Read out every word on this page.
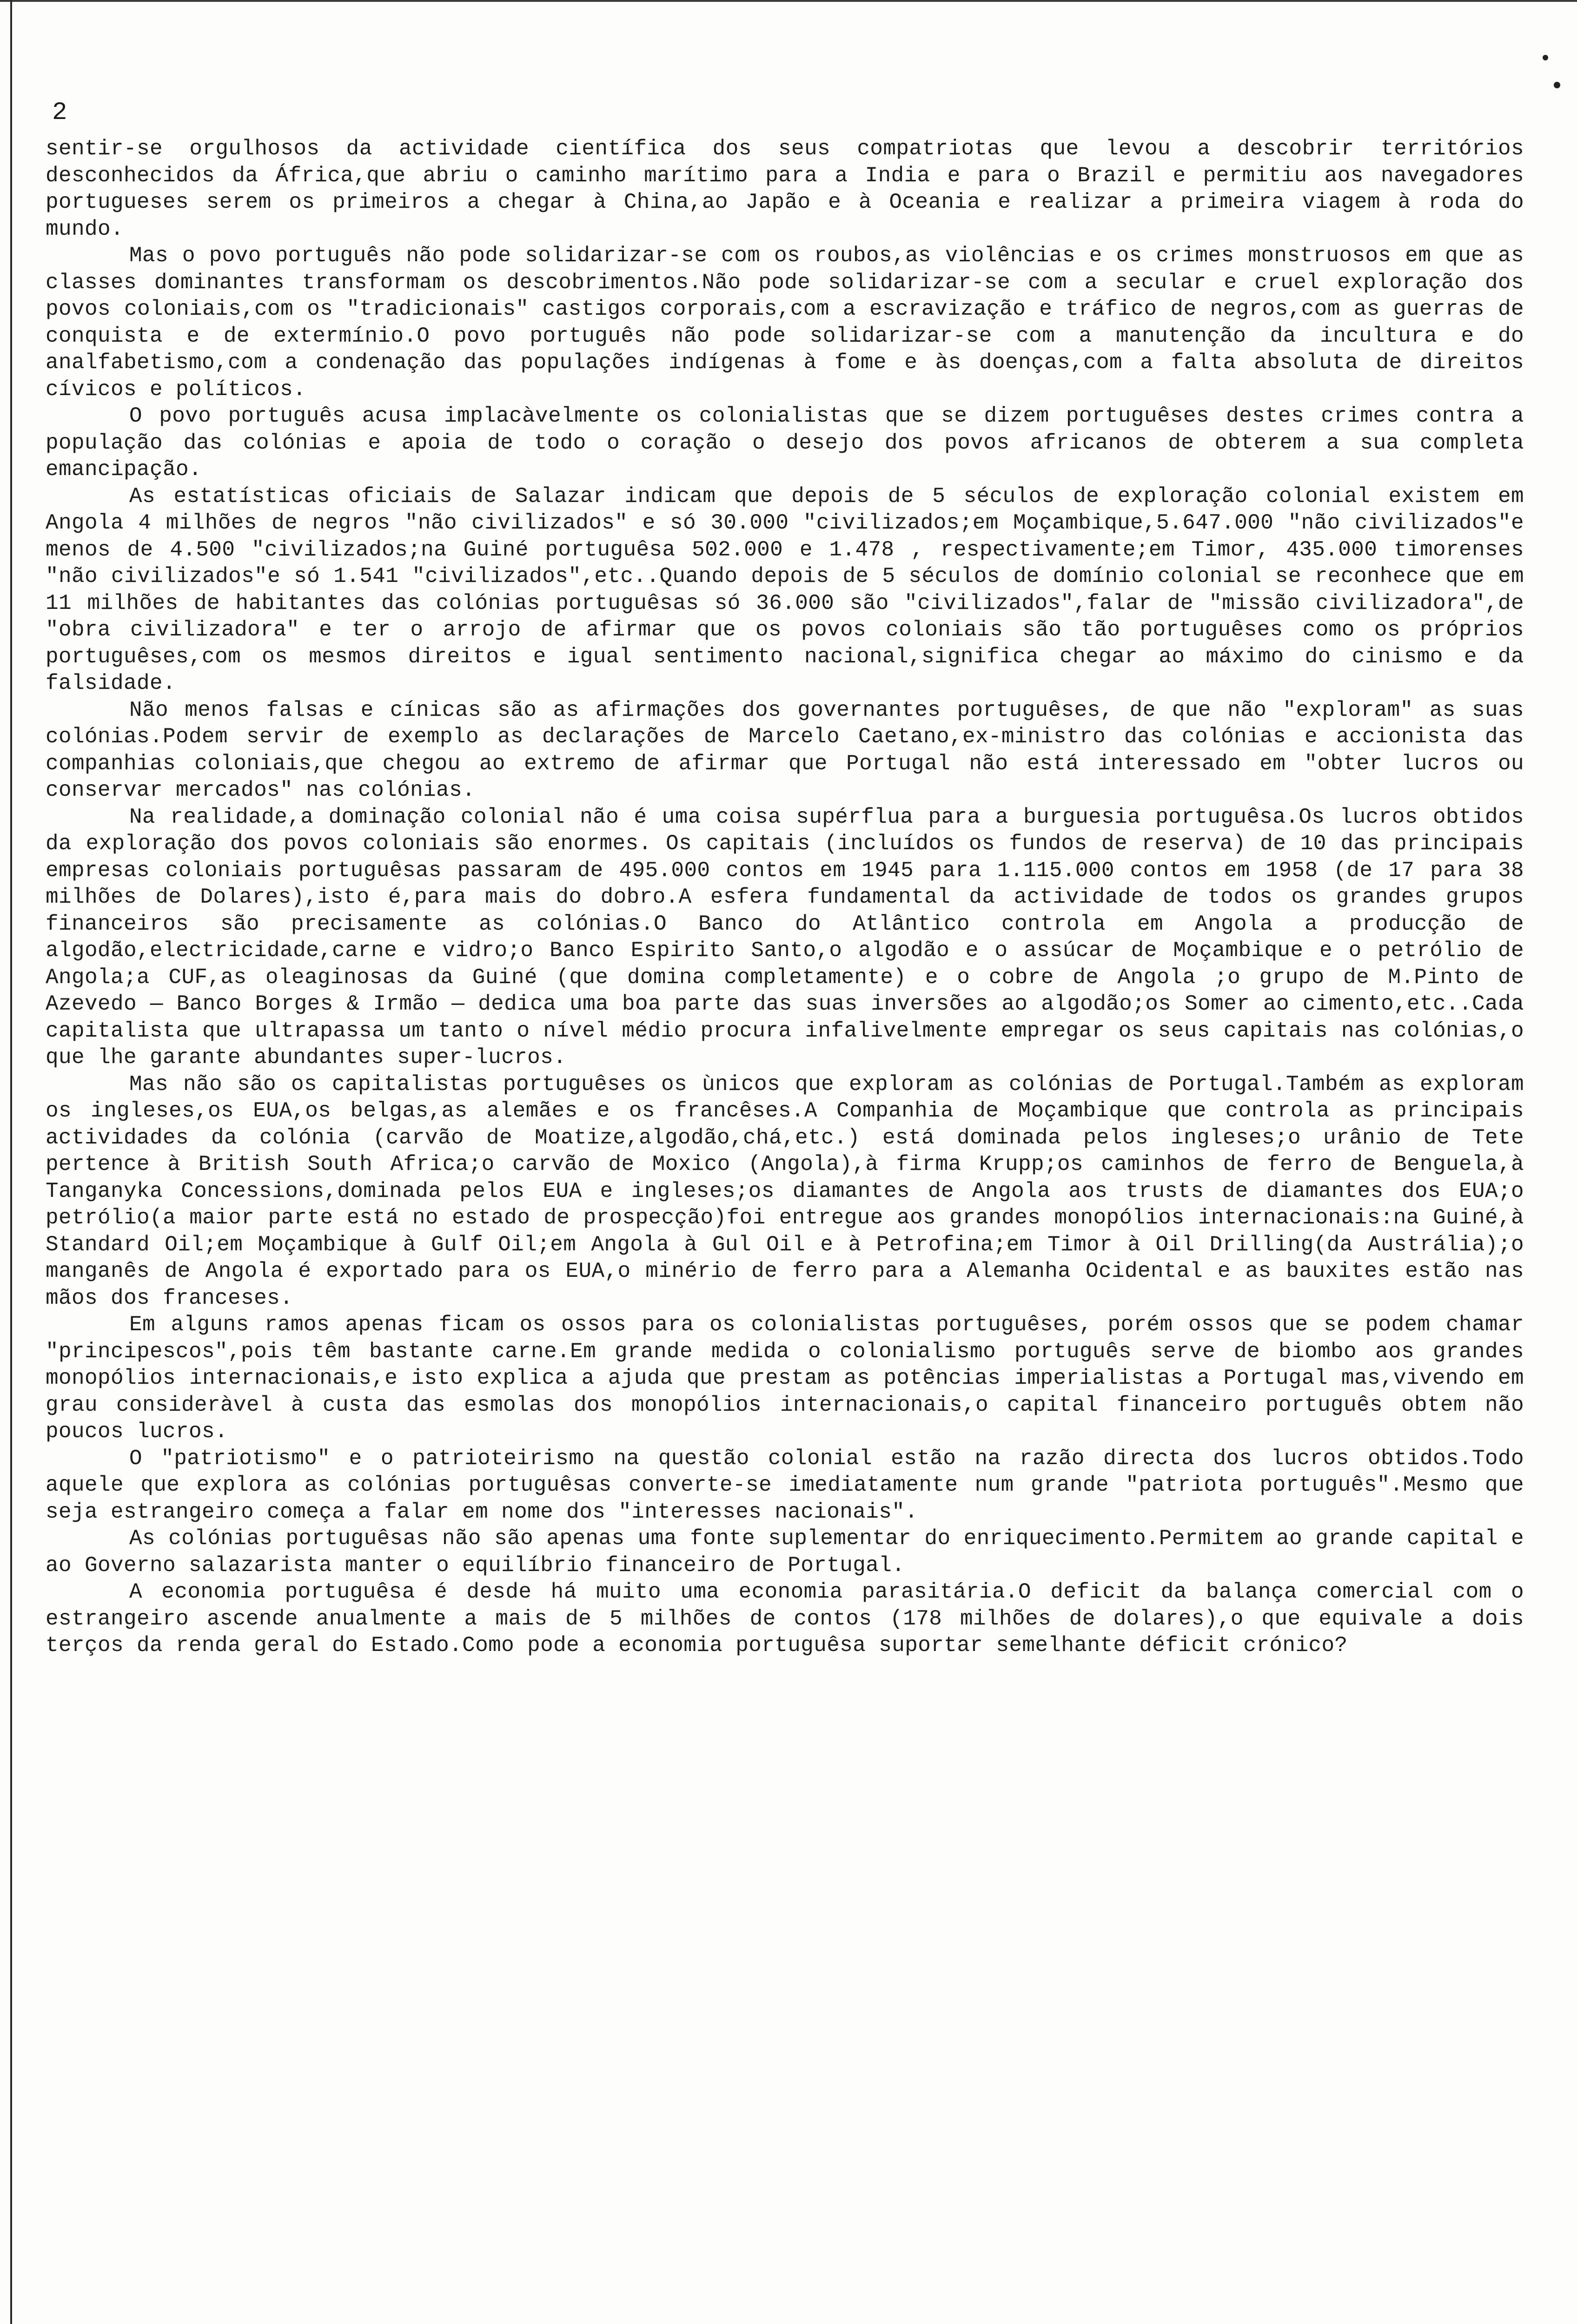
2

sentir-se orgulhosos da actividade científica dos seus compatriotas que levou a descobrir territórios desconhecidos da África,que abriu o caminho marítimo para a India e para o Brazil e permitiu aos navegadores portugueses serem os primeiros a chegar à China,ao Japão e à Oceania e realizar a primeira viagem à roda do mundo.

Mas o povo português não pode solidarizar-se com os roubos,as violências e os crimes monstruosos em que as classes dominantes transformam os descobrimentos.Não pode solidarizar-se com a secular e cruel exploração dos povos coloniais,com os "tradicionais" castigos corporais,com a escravização e tráfico de negros,com as guerras de conquista e de extermínio.O povo português não pode solidarizar-se com a manutenção da incultura e do analfabetismo,com a condenação das populações indígenas à fome e às doenças,com a falta absoluta de direitos cívicos e políticos.

O povo português acusa implacàvelmente os colonialistas que se dizem portuguêses destes crimes contra a população das colónias e apoia de todo o coração o desejo dos povos africanos de obterem a sua completa emancipação.

As estatísticas oficiais de Salazar indicam que depois de 5 séculos de exploração colonial existem em Angola 4 milhões de negros "não civilizados" e só 30.000 "civilizados;em Moçambique,5.647.000 "não civilizados"e menos de 4.500 "civilizados;na Guiné portuguêsa 502.000 e 1.478 , respectivamente;em Timor, 435.000 timorenses "não civilizados"e só 1.541 "civilizados",etc..Quando depois de 5 séculos de domínio colonial se reconhece que em 11 milhões de habitantes das colónias portuguêsas só 36.000 são "civilizados",falar de "missão civilizadora",de "obra civilizadora" e ter o arrojo de afirmar que os povos coloniais são tão portuguêses como os próprios portuguêses,com os mesmos direitos e igual sentimento nacional,significa chegar ao máximo do cinismo e da falsidade.

Não menos falsas e cínicas são as afirmações dos governantes portuguêses, de que não "exploram" as suas colónias.Podem servir de exemplo as declarações de Marcelo Caetano,ex-ministro das colónias e accionista das companhias coloniais,que chegou ao extremo de afirmar que Portugal não está interessado em "obter lucros ou conservar mercados" nas colónias.

Na realidade,a dominação colonial não é uma coisa supérflua para a burguesia portuguêsa.Os lucros obtidos da exploração dos povos coloniais são enormes. Os capitais (incluídos os fundos de reserva) de 10 das principais empresas coloniais portuguêsas passaram de 495.000 contos em 1945 para 1.115.000 contos em 1958 (de 17 para 38 milhões de Dolares),isto é,para mais do dobro.A esfera fundamental da actividade de todos os grandes grupos financeiros são precisamente as colónias.O Banco do Atlântico controla em Angola a producção de algodão,electricidade,carne e vidro;o Banco Espirito Santo,o algodão e o assúcar de Moçambique e o petrólio de Angola;a CUF,as oleaginosas da Guiné (que domina completamente) e o cobre de Angola ;o grupo de M.Pinto de Azevedo — Banco Borges & Irmão — dedica uma boa parte das suas inversões ao algodão;os Somer ao cimento,etc..Cada capitalista que ultrapassa um tanto o nível médio procura infalivelmente empregar os seus capitais nas colónias,o que lhe garante abundantes super-lucros.

Mas não são os capitalistas portuguêses os ùnicos que exploram as colónias de Portugal.Também as exploram os ingleses,os EUA,os belgas,as alemães e os francêses.A Companhia de Moçambique que controla as principais actividades da colónia (carvão de Moatize,algodão,chá,etc.) está dominada pelos ingleses;o urânio de Tete pertence à British South Africa;o carvão de Moxico (Angola),à firma Krupp;os caminhos de ferro de Benguela,à Tanganyka Concessions,dominada pelos EUA e ingleses;os diamantes de Angola aos trusts de diamantes dos EUA;o petrólio(a maior parte está no estado de prospecção)foi entregue aos grandes monopólios internacionais:na Guiné,à Standard Oil;em Moçambique à Gulf Oil;em Angola à Gul Oil e à Petrofina;em Timor à Oil Drilling(da Austrália);o manganês de Angola é exportado para os EUA,o minério de ferro para a Alemanha Ocidental e as bauxites estão nas mãos dos franceses.

Em alguns ramos apenas ficam os ossos para os colonialistas portuguêses, porém ossos que se podem chamar "principescos",pois têm bastante carne.Em grande medida o colonialismo português serve de biombo aos grandes monopólios internacionais,e isto explica a ajuda que prestam as potências imperialistas a Portugal mas,vivendo em grau consideràvel à custa das esmolas dos monopólios internacionais,o capital financeiro português obtem não poucos lucros.

O "patriotismo" e o patrioteirismo na questão colonial estão na razão directa dos lucros obtidos.Todo aquele que explora as colónias portuguêsas converte-se imediatamente num grande "patriota português".Mesmo que seja estrangeiro começa a falar em nome dos "interesses nacionais".

As colónias portuguêsas não são apenas uma fonte suplementar do enriquecimento.Permitem ao grande capital e ao Governo salazarista manter o equilíbrio financeiro de Portugal.

A economia portuguêsa é desde há muito uma economia parasitária.O deficit da balança comercial com o estrangeiro ascende anualmente a mais de 5 milhões de contos (178 milhões de dolares),o que equivale a dois terços da renda geral do Estado.Como pode a economia portuguêsa suportar semelhante déficit crónico?
